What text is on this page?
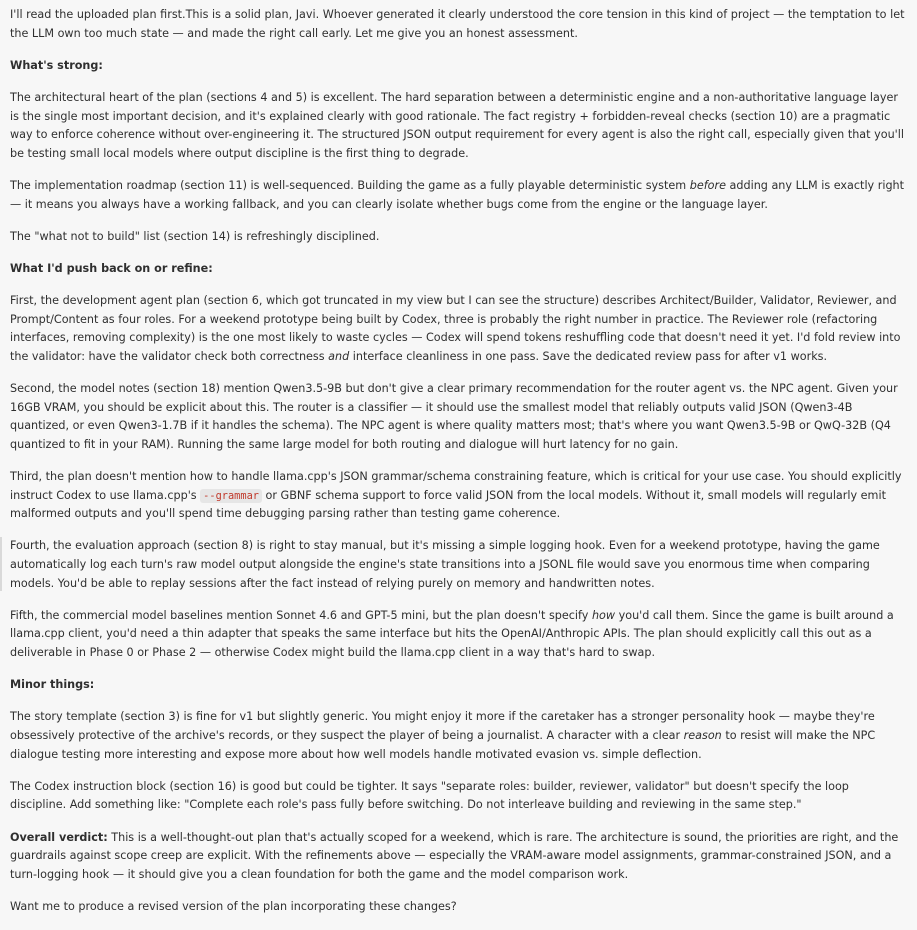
I'll read the uploaded plan first.This is a solid plan, Javi. Whoever generated it clearly understood the core tension in this kind of project — the temptation to let the LLM own too much state — and made the right call early. Let me give you an honest assessment.

What's strong:

The architectural heart of the plan (sections 4 and 5) is excellent. The hard separation between a deterministic engine and a non-authoritative language layer is the single most important decision, and it's explained clearly with good rationale. The fact registry + forbidden-reveal checks (section 10) are a pragmatic way to enforce coherence without over-engineering it. The structured JSON output requirement for every agent is also the right call, especially given that you'll be testing small local models where output discipline is the first thing to degrade.

The implementation roadmap (section 11) is well-sequenced. Building the game as a fully playable deterministic system before adding any LLM is exactly right — it means you always have a working fallback, and you can clearly isolate whether bugs come from the engine or the language layer.

The "what not to build" list (section 14) is refreshingly disciplined.

What I'd push back on or refine:

First, the development agent plan (section 6, which got truncated in my view but I can see the structure) describes Architect/Builder, Validator, Reviewer, and Prompt/Content as four roles. For a weekend prototype being built by Codex, three is probably the right number in practice. The Reviewer role (refactoring interfaces, removing complexity) is the one most likely to waste cycles — Codex will spend tokens reshuffling code that doesn't need it yet. I'd fold review into the validator: have the validator check both correctness and interface cleanliness in one pass. Save the dedicated review pass for after v1 works.

Second, the model notes (section 18) mention Qwen3.5-9B but don't give a clear primary recommendation for the router agent vs. the NPC agent. Given your 16GB VRAM, you should be explicit about this. The router is a classifier — it should use the smallest model that reliably outputs valid JSON (Qwen3-4B quantized, or even Qwen3-1.7B if it handles the schema). The NPC agent is where quality matters most; that's where you want Qwen3.5-9B or QwQ-32B (Q4 quantized to fit in your RAM). Running the same large model for both routing and dialogue will hurt latency for no gain.

Third, the plan doesn't mention how to handle llama.cpp's JSON grammar/schema constraining feature, which is critical for your use case. You should explicitly instruct Codex to use llama.cpp's --grammar or GBNF schema support to force valid JSON from the local models. Without it, small models will regularly emit malformed outputs and you'll spend time debugging parsing rather than testing game coherence.

Fourth, the evaluation approach (section 8) is right to stay manual, but it's missing a simple logging hook. Even for a weekend prototype, having the game automatically log each turn's raw model output alongside the engine's state transitions into a JSONL file would save you enormous time when comparing models. You'd be able to replay sessions after the fact instead of relying purely on memory and handwritten notes.

Fifth, the commercial model baselines mention Sonnet 4.6 and GPT-5 mini, but the plan doesn't specify how you'd call them. Since the game is built around a llama.cpp client, you'd need a thin adapter that speaks the same interface but hits the OpenAI/Anthropic APIs. The plan should explicitly call this out as a deliverable in Phase 0 or Phase 2 — otherwise Codex might build the llama.cpp client in a way that's hard to swap.

Minor things:

The story template (section 3) is fine for v1 but slightly generic. You might enjoy it more if the caretaker has a stronger personality hook — maybe they're obsessively protective of the archive's records, or they suspect the player of being a journalist. A character with a clear reason to resist will make the NPC dialogue testing more interesting and expose more about how well models handle motivated evasion vs. simple deflection.

The Codex instruction block (section 16) is good but could be tighter. It says "separate roles: builder, reviewer, validator" but doesn't specify the loop discipline. Add something like: "Complete each role's pass fully before switching. Do not interleave building and reviewing in the same step."

Overall verdict: This is a well-thought-out plan that's actually scoped for a weekend, which is rare. The architecture is sound, the priorities are right, and the guardrails against scope creep are explicit. With the refinements above — especially the VRAM-aware model assignments, grammar-constrained JSON, and a turn-logging hook — it should give you a clean foundation for both the game and the model comparison work.

Want me to produce a revised version of the plan incorporating these changes?
